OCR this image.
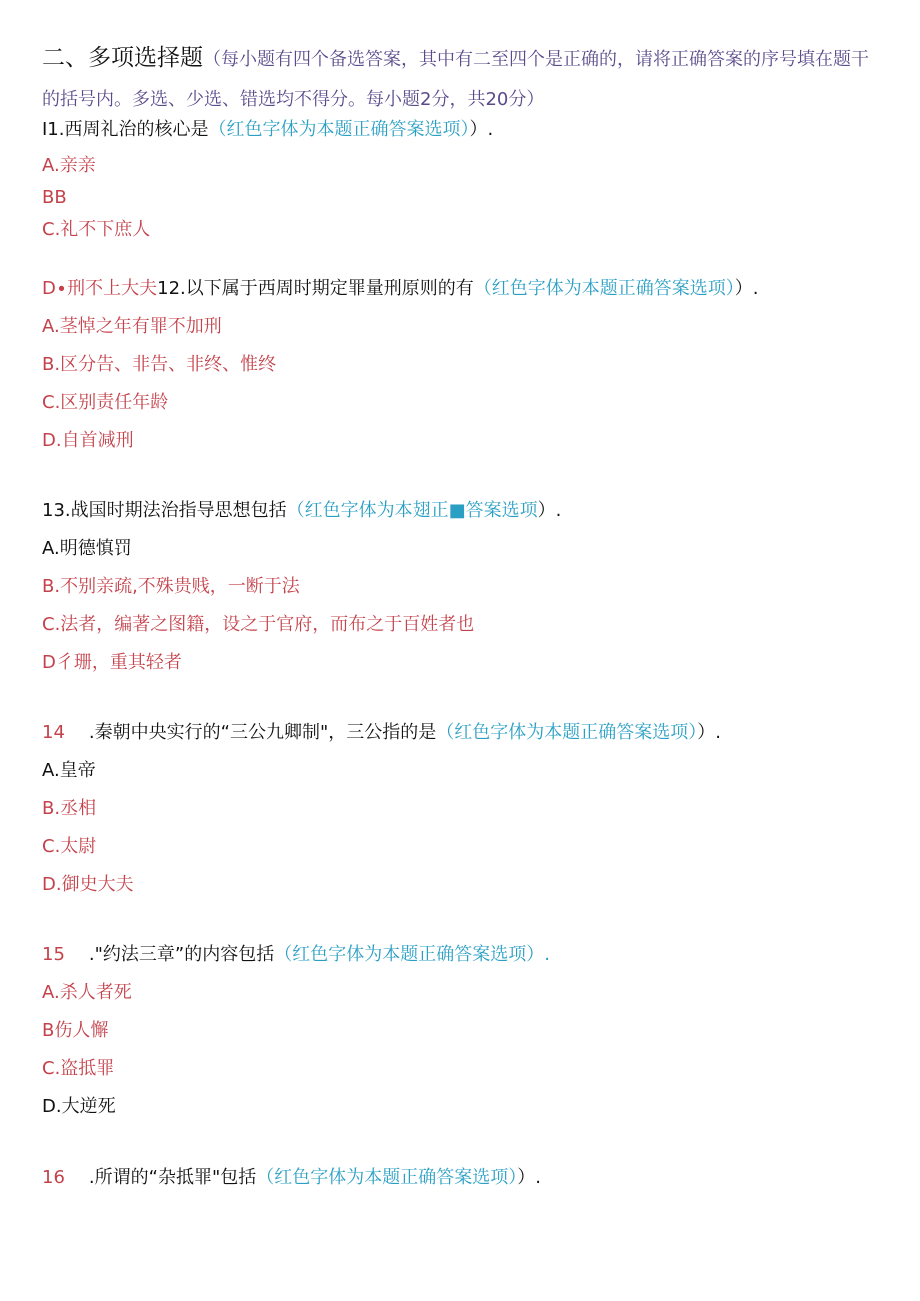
二、多项选择题（每小题有四个备选答案，其中有二至四个是正确的，请将正确答案的序号填在题干的括号内。多选、少选、错选均不得分。每小题2分，共20分）
I1.西周礼治的核心是（红色字体为本题正确答案选项））.
A.亲亲
BB
C.礼不下庶人
D∙刑不上大夫12.以下属于西周时期定罪量刑原则的有（红色字体为本题正确答案选项））.
A.茎悼之年有罪不加刑
B.区分告、非告、非终、惟终
C.区别责任年龄
D.自首减刑
13.战国时期法治指导思想包括（红色字体为本翅正■答案选项）.
A.明德慎罚
B.不别亲疏,不殊贵贱，一断于法
C.法者，编著之图籍，设之于官府，而布之于百姓者也
D彳珊，重其轻者
14 .秦朝中央实行的“三公九卿制"，三公指的是（红色字体为本题正确答案选项））.
A.皇帝
B.丞相
C.太尉
D.御史大夫
15 ."约法三章”的内容包括（红色字体为本题正确答案选项）.
A.杀人者死
B伤人懈
C.盗抵罪
D.大逆死
16 .所谓的“杂抵罪"包括（红色字体为本题正确答案选项））.
